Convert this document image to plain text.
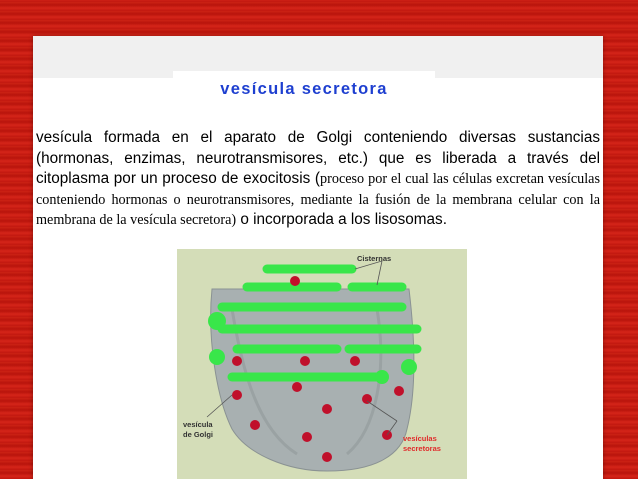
vesícula secretora
vesícula formada en el aparato de Golgi conteniendo diversas sustancias (hormonas, enzimas, neurotransmisores, etc.) que es liberada a través del citoplasma por un proceso de exocitosis (proceso por el cual las células excretan vesículas conteniendo hormonas o neurotransmisores, mediante la fusión de la membrana celular con la membrana de la vesícula secretora) o incorporada a los lisosomas.
Cisternas
vesícula
de Golgi	vesículas
secretoras
